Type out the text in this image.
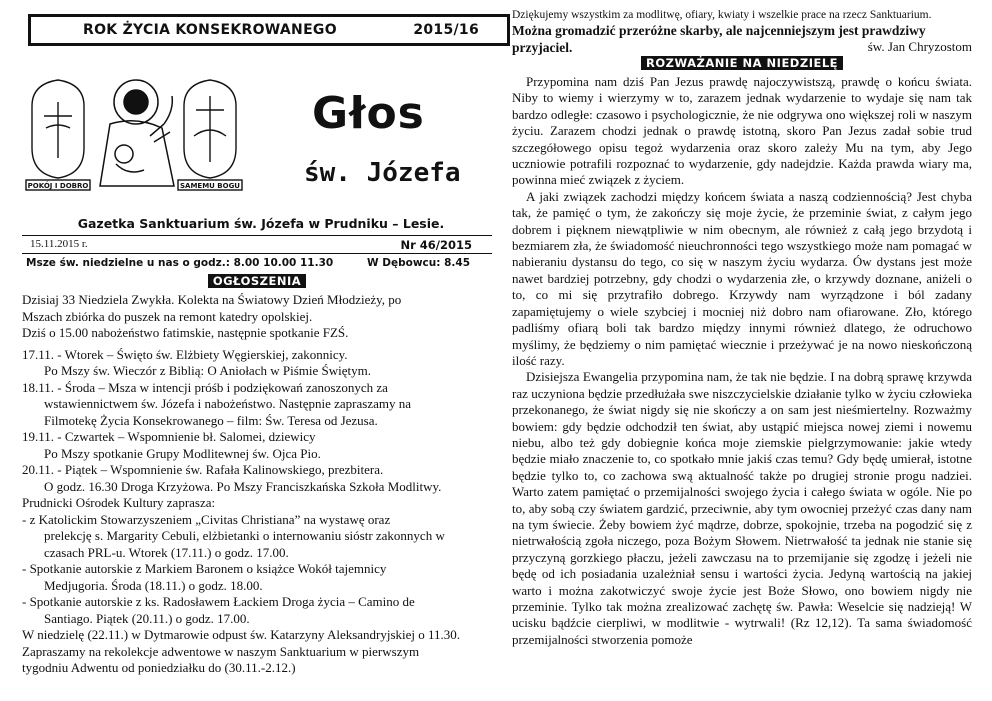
ROK ŻYCIA KONSEKROWANEGO	2015/16
POKÓJ I DOBRO	SAMEMU BOGU
Głos
św. Józefa
Gazetka Sanktuarium św. Józefa w Prudniku – Lesie.
15.11.2015 r.	Nr 46/2015
Msze św. niedzielne u nas o godz.: 8.00 10.00 11.30	W Dębowcu: 8.45
OGŁOSZENIA

Dzisiaj 33 Niedziela Zwykła. Kolekta na Światowy Dzień Młodzieży, po

Mszach zbiórka do puszek na remont katedry opolskiej.

Dziś o 15.00 nabożeństwo fatimskie, następnie spotkanie FZŚ.

17.11. - Wtorek – Święto św. Elżbiety Węgierskiej, zakonnicy.

Po Mszy św. Wieczór z Biblią: O Aniołach w Piśmie Świętym.

18.11. - Środa – Msza w intencji próśb i podziękowań zanoszonych za

wstawiennictwem św. Józefa i nabożeństwo. Następnie zapraszamy na

Filmotekę Życia Konsekrowanego – film: Św. Teresa od Jezusa.

19.11. - Czwartek – Wspomnienie bł. Salomei, dziewicy

Po Mszy spotkanie Grupy Modlitewnej św. Ojca Pio.

20.11. - Piątek – Wspomnienie św. Rafała Kalinowskiego, prezbitera.

O godz. 16.30 Droga Krzyżowa. Po Mszy Franciszkańska Szkoła Modlitwy.

Prudnicki Ośrodek Kultury zaprasza:

- z Katolickim Stowarzyszeniem „Civitas Christiana” na wystawę oraz

prelekcję s. Margarity Cebuli, elżbietanki o internowaniu sióstr zakonnych w

czasach PRL-u. Wtorek (17.11.) o godz. 17.00.

- Spotkanie autorskie z Markiem Baronem o książce Wokół tajemnicy

Medjugoria. Środa (18.11.) o godz. 18.00.

- Spotkanie autorskie z ks. Radosławem Łackiem Droga życia – Camino de

Santiago. Piątek (20.11.) o godz. 17.00.

W niedzielę (22.11.) w Dytmarowie odpust św. Katarzyny Aleksandryjskiej o 11.30.

Zapraszamy na rekolekcje adwentowe w naszym Sanktuarium w pierwszym

tygodniu Adwentu od poniedziałku do (30.11.-2.12.)

Dziękujemy wszystkim za modlitwę, ofiary, kwiaty i wszelkie prace na rzecz Sanktuarium.
Można gromadzić przeróżne skarby, ale najcenniejszym jest prawdziwy przyjaciel.	św. Jan Chryzostom
ROZWAŻANIE NA NIEDZIELĘ

Przypomina nam dziś Pan Jezus prawdę najoczywistszą, prawdę o końcu świata. Niby to wiemy i wierzymy w to, zarazem jednak wydarzenie to wydaje się nam tak bardzo odległe: czasowo i psychologicznie, że nie odgrywa ono większej roli w naszym życiu. Zarazem chodzi jednak o prawdę istotną, skoro Pan Jezus zadał sobie trud szczegółowego opisu tegoż wydarzenia oraz skoro zależy Mu na tym, aby Jego uczniowie potrafili rozpoznać to wydarzenie, gdy nadejdzie. Każda prawda wiary ma, powinna mieć związek z życiem.

A jaki związek zachodzi między końcem świata a naszą codziennością? Jest chyba tak, że pamięć o tym, że zakończy się moje życie, że przeminie świat, z całym jego dobrem i pięknem niewątpliwie w nim obecnym, ale również z całą jego brzydotą i bezmiarem zła, że świadomość nieuchronności tego wszystkiego może nam pomagać w nabieraniu dystansu do tego, co się w naszym życiu wydarza. Ów dystans jest może nawet bardziej potrzebny, gdy chodzi o wydarzenia złe, o krzywdy doznane, aniżeli o to, co mi się przytrafiło dobrego. Krzywdy nam wyrządzone i ból zadany zapamiętujemy o wiele szybciej i mocniej niż dobro nam ofiarowane. Zło, którego padliśmy ofiarą boli tak bardzo między innymi również dlatego, że odruchowo myślimy, że będziemy o nim pamiętać wiecznie i przeżywać je na nowo nieskończoną ilość razy.

Dzisiejsza Ewangelia przypomina nam, że tak nie będzie. I na dobrą sprawę krzywda raz uczyniona będzie przedłużała swe niszczycielskie działanie tylko w życiu człowieka przekonanego, że świat nigdy się nie skończy a on sam jest nieśmiertelny. Rozważmy bowiem: gdy będzie odchodził ten świat, aby ustąpić miejsca nowej ziemi i nowemu niebu, albo też gdy dobiegnie końca moje ziemskie pielgrzymowanie: jakie wtedy będzie miało znaczenie to, co spotkało mnie jakiś czas temu? Gdy będę umierał, istotne będzie tylko to, co zachowa swą aktualność także po drugiej stronie progu nadziei. Warto zatem pamiętać o przemijalności swojego życia i całego świata w ogóle. Nie po to, aby sobą czy światem gardzić, przeciwnie, aby tym owocniej przeżyć czas dany nam na tym świecie. Żeby bowiem żyć mądrze, dobrze, spokojnie, trzeba na pogodzić się z nietrwałością zgoła niczego, poza Bożym Słowem. Nietrwałość ta jednak nie stanie się przyczyną gorzkiego płaczu, jeżeli zawczasu na to przemijanie się zgodzę i jeżeli nie będę od ich posiadania uzależniał sensu i wartości życia. Jedyną wartością na jakiej warto i można zakotwiczyć swoje życie jest Boże Słowo, ono bowiem nigdy nie przeminie. Tylko tak można zrealizować zachętę św. Pawła: Weselcie się nadzieją! W ucisku bądźcie cierpliwi, w modlitwie - wytrwali! (Rz 12,12). Ta sama świadomość przemijalności stworzenia pomoże
